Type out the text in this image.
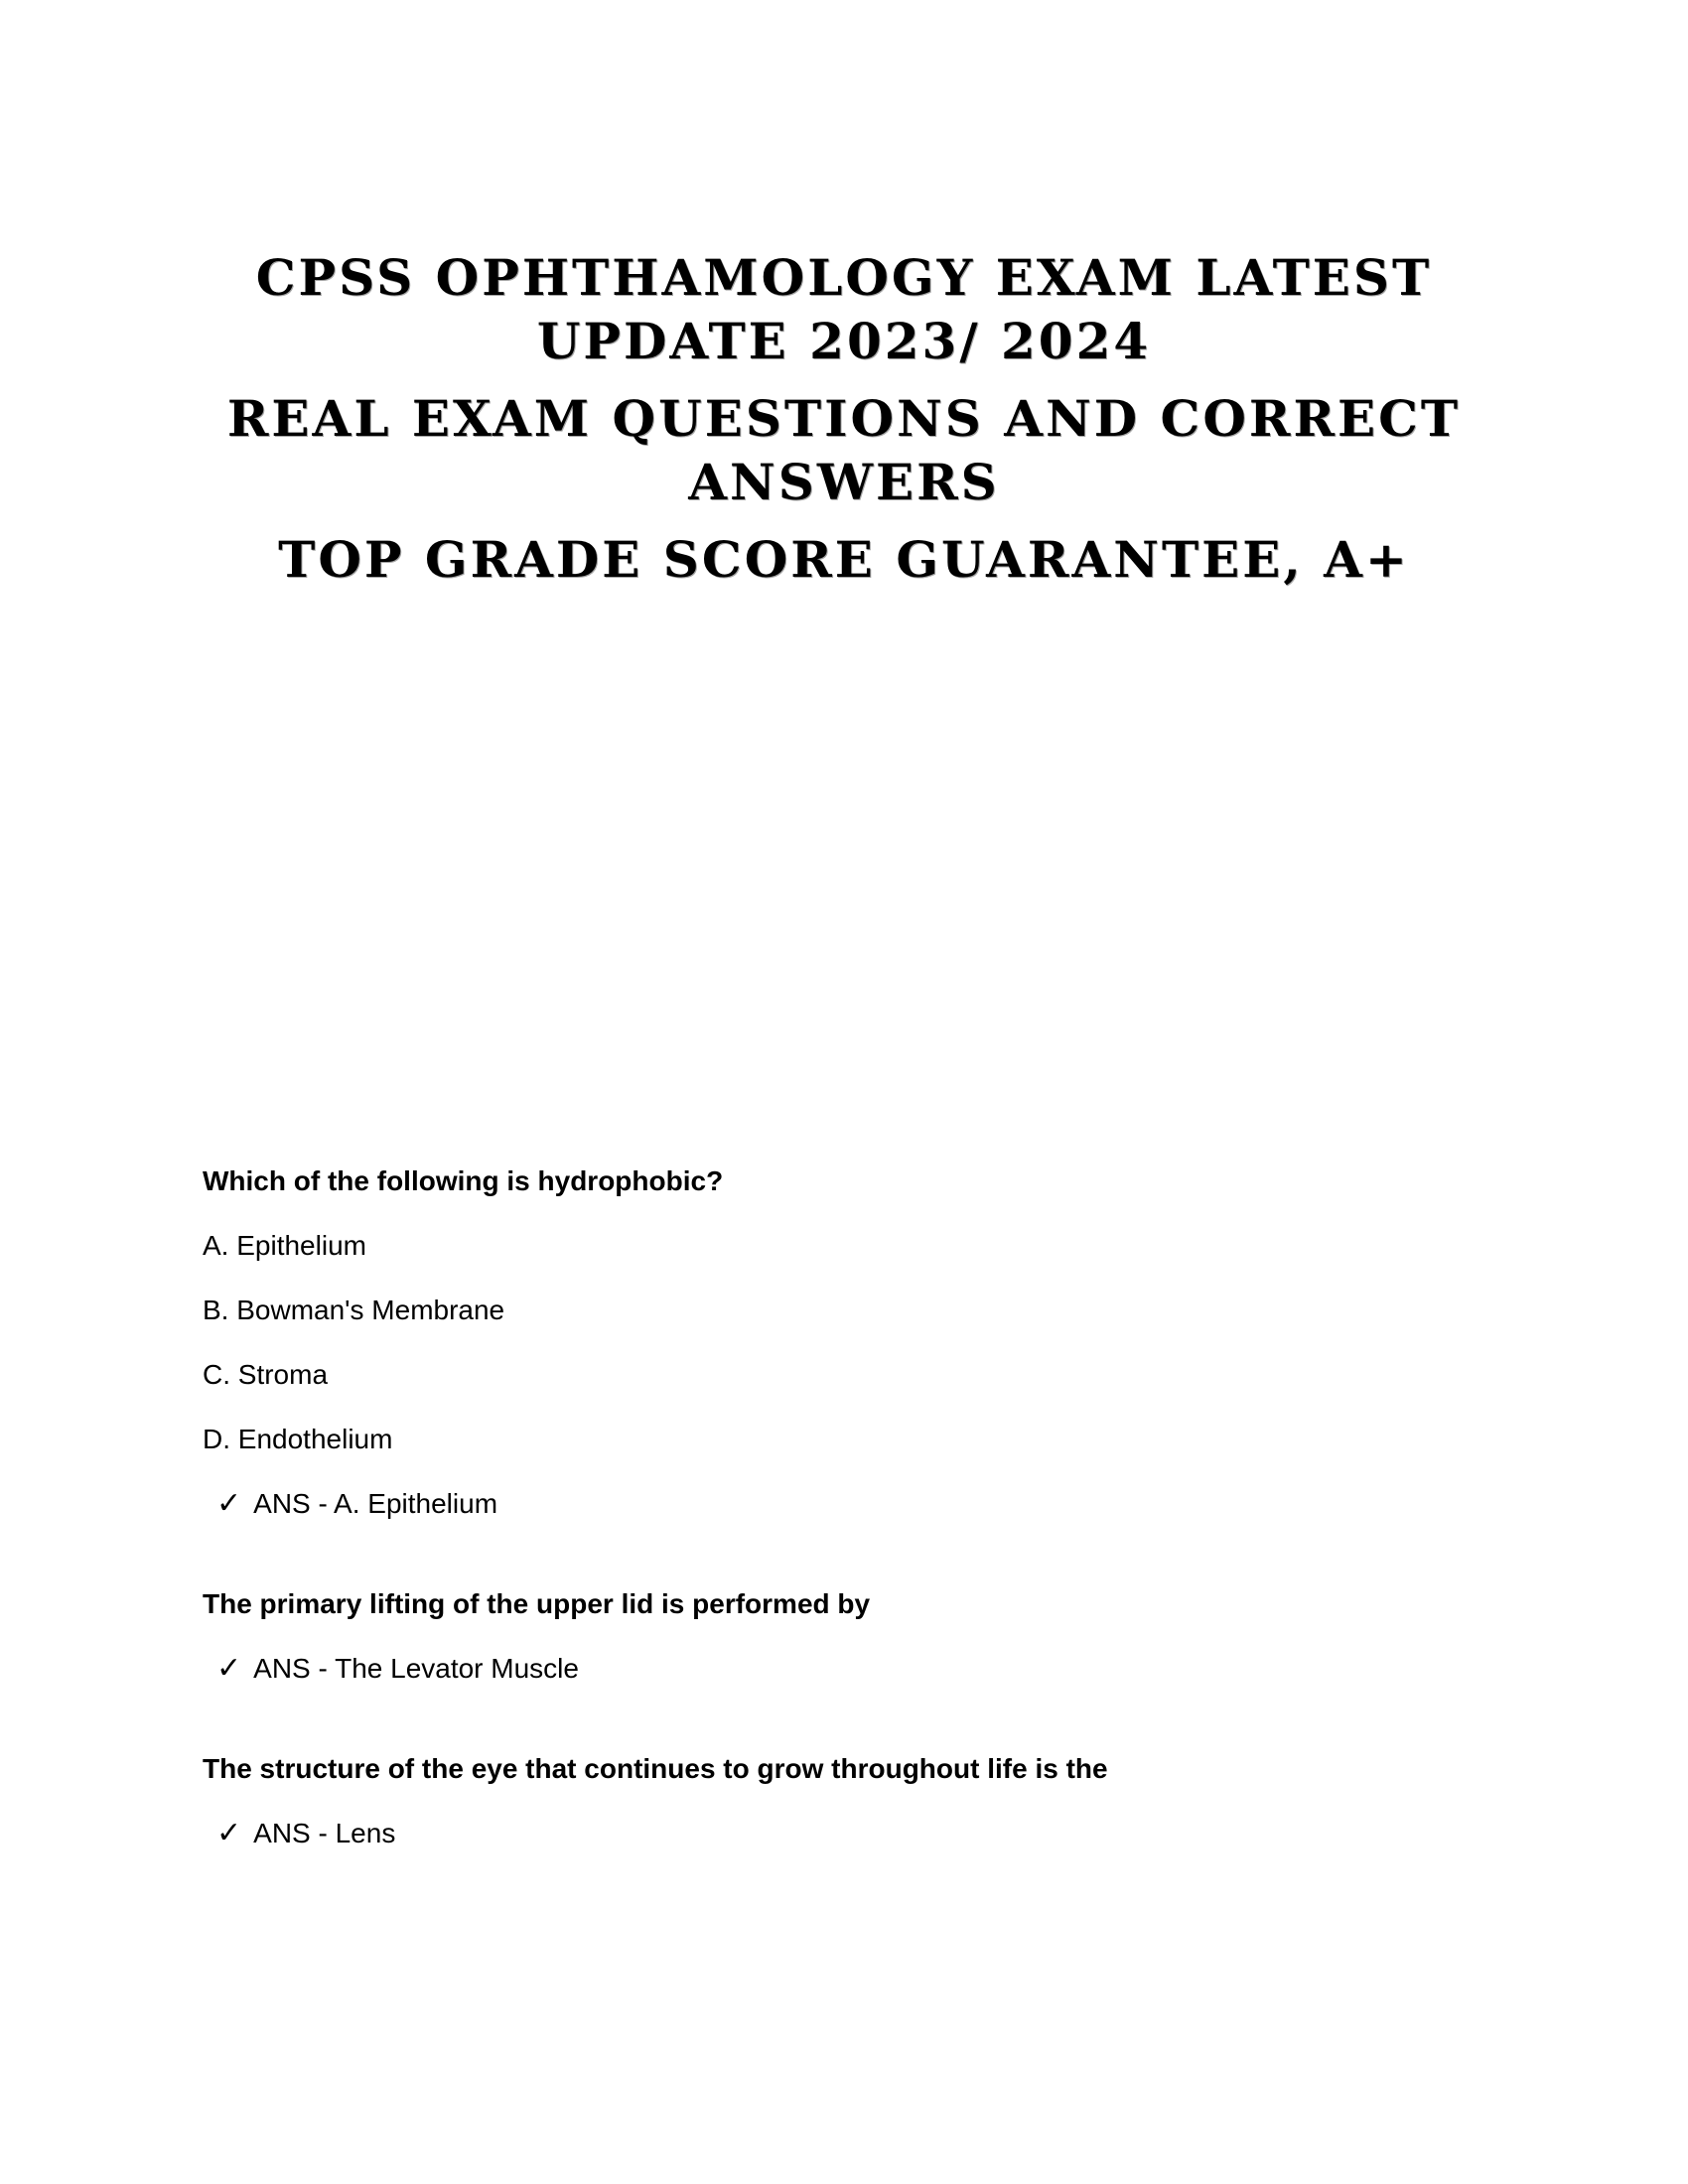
CPSS OPHTHAMOLOGY EXAM LATEST
UPDATE 2023/ 2024
REAL EXAM QUESTIONS AND CORRECT
ANSWERS
TOP GRADE SCORE GUARANTEE, A+

Which of the following is hydrophobic?

A. Epithelium

B. Bowman's Membrane

C. Stroma

D. Endothelium

✓ ANS - A. Epithelium

The primary lifting of the upper lid is performed by

✓ ANS - The Levator Muscle

The structure of the eye that continues to grow throughout life is the

✓ ANS - Lens
